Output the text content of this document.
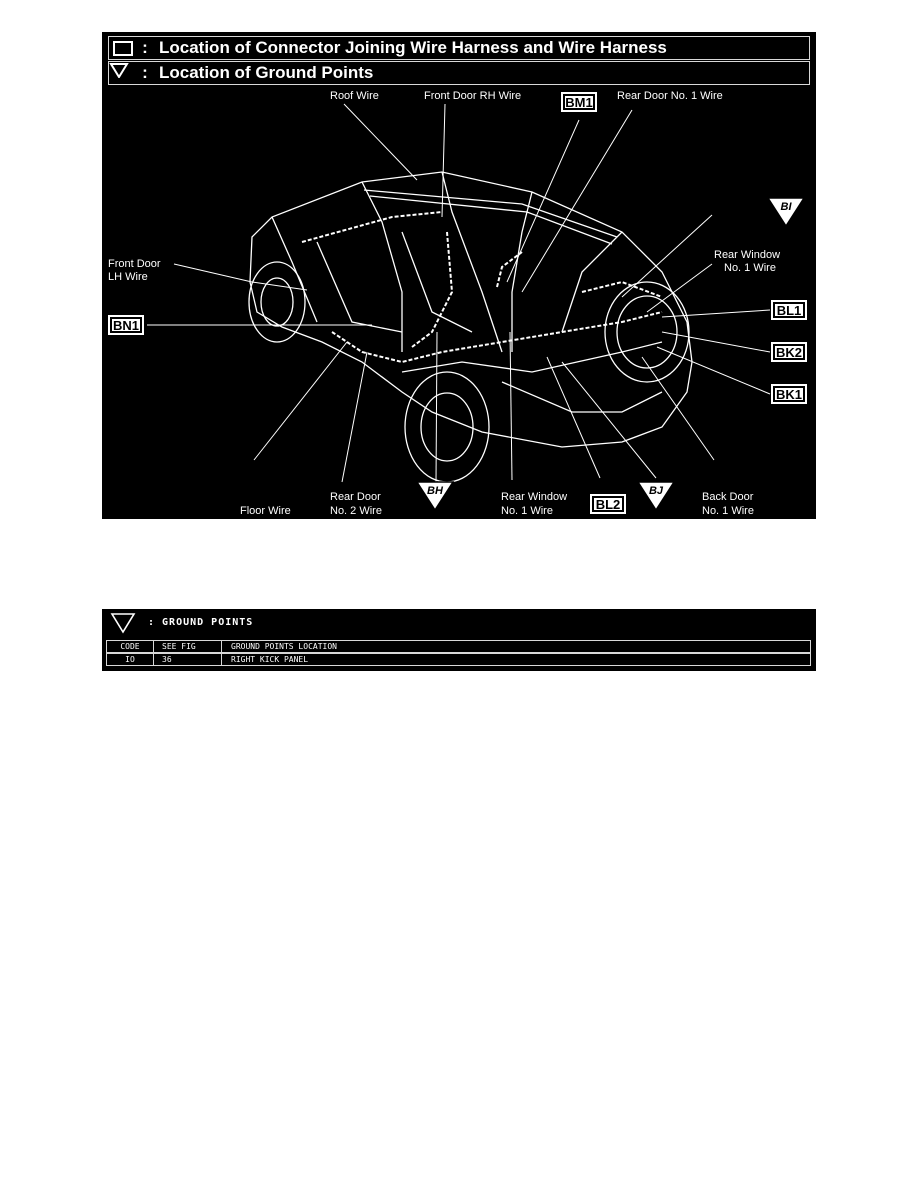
: Location of Connector Joining Wire Harness and Wire Harness
: Location of Ground Points
Roof Wire	Front Door RH Wire	Rear Door No. 1 Wire
Front Door
LH Wire
Rear Window
No. 1 Wire
Floor Wire
Rear Door
No. 2 Wire
Rear Window
No. 1 Wire
Back Door
No. 1 Wire
BM1
BN1
BL1
BK2
BK1
BL2
BI
BH	BJ
: GROUND POINTS
CODE	SEE FIG	GROUND POINTS LOCATION
IO	36	RIGHT KICK PANEL
